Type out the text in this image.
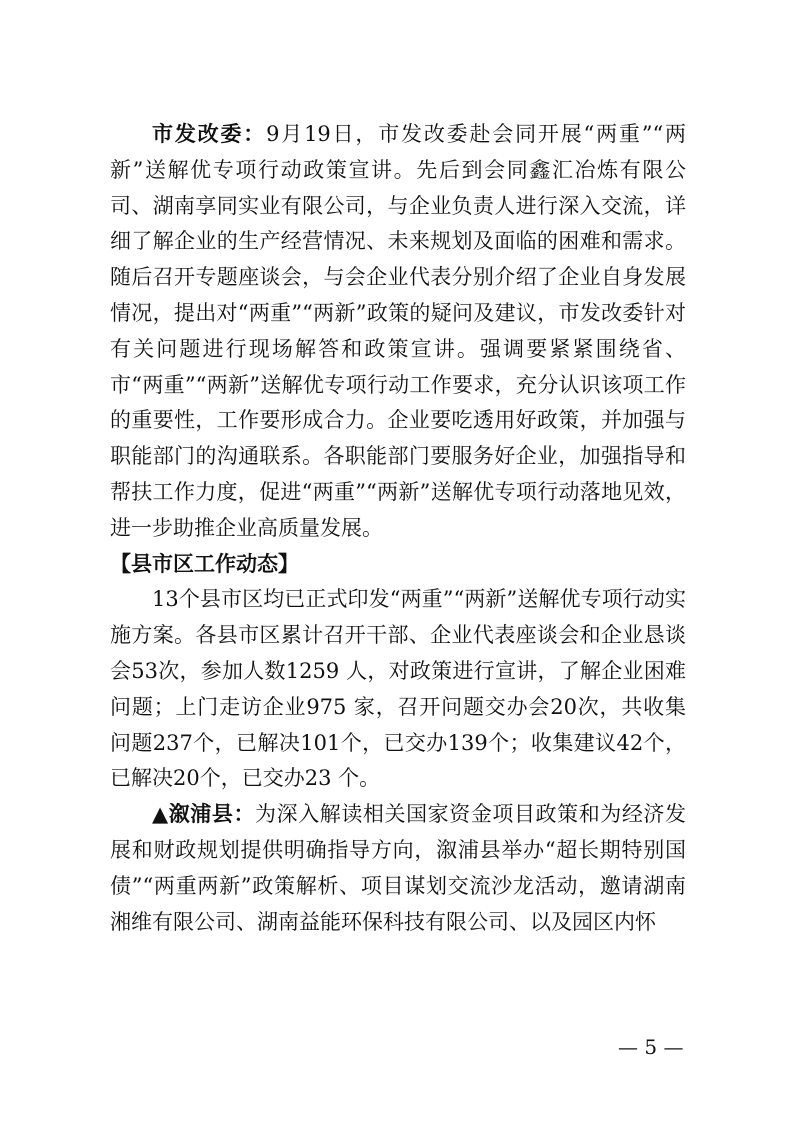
市发改委：9月19日，市发改委赴会同开展“两重”“两新”送解优专项行动政策宣讲。先后到会同鑫汇冶炼有限公司、湖南享同实业有限公司，与企业负责人进行深入交流，详细了解企业的生产经营情况、未来规划及面临的困难和需求。随后召开专题座谈会，与会企业代表分别介绍了企业自身发展情况，提出对“两重”“两新”政策的疑问及建议，市发改委针对有关问题进行现场解答和政策宣讲。强调要紧紧围绕省、市“两重”“两新”送解优专项行动工作要求，充分认识该项工作的重要性，工作要形成合力。企业要吃透用好政策，并加强与职能部门的沟通联系。各职能部门要服务好企业，加强指导和帮扶工作力度，促进“两重”“两新”送解优专项行动落地见效，进一步助推企业高质量发展。

【县市区工作动态】

13个县市区均已正式印发“两重”“两新”送解优专项行动实施方案。各县市区累计召开干部、企业代表座谈会和企业恳谈会53次，参加人数1259 人，对政策进行宣讲，了解企业困难问题；上门走访企业975 家，召开问题交办会20次，共收集问题237个，已解决101个，已交办139个；收集建议42个，已解决20个，已交办23 个。

▲溆浦县：为深入解读相关国家资金项目政策和为经济发展和财政规划提供明确指导方向，溆浦县举办“超长期特别国债”“两重两新”政策解析、项目谋划交流沙龙活动，邀请湖南湘维有限公司、湖南益能环保科技有限公司、以及园区内怀

— 5 —
